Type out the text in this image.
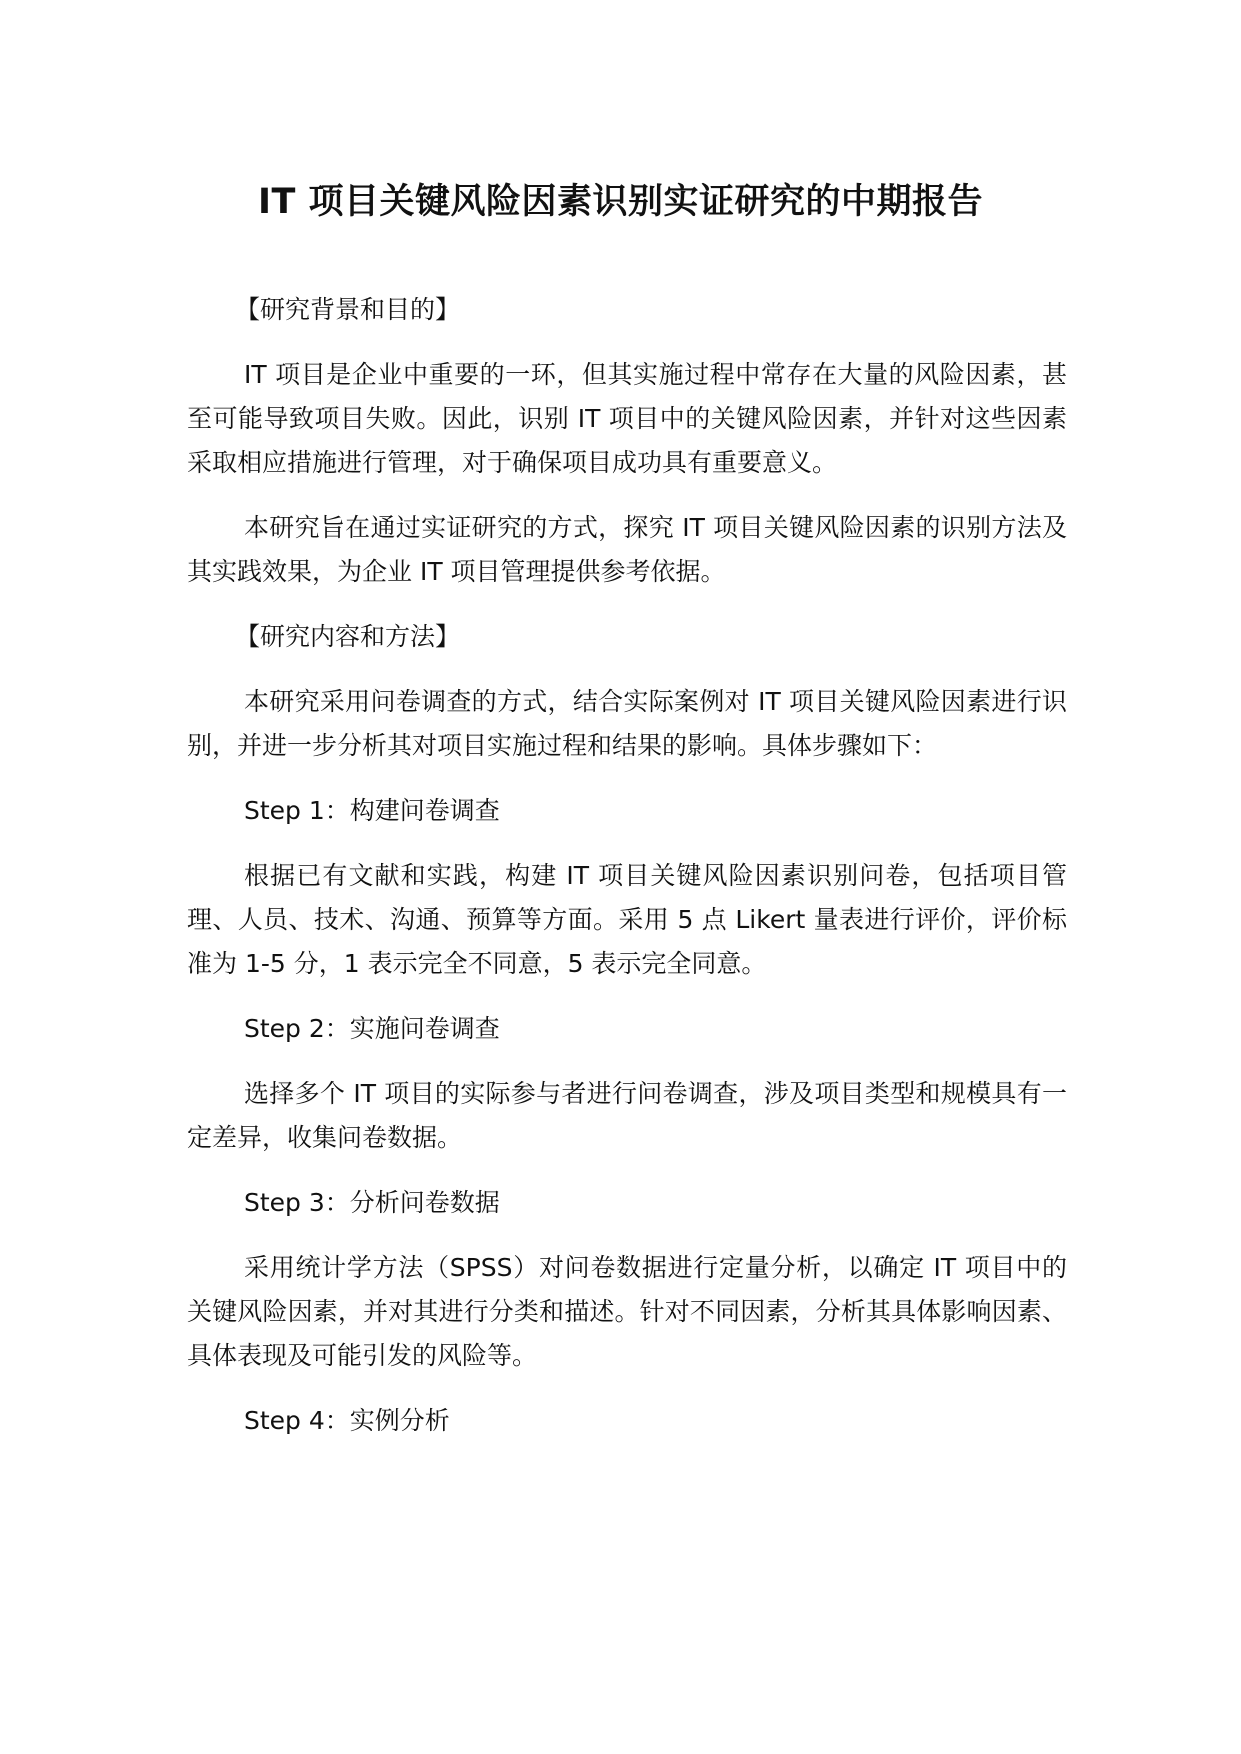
IT 项目关键风险因素识别实证研究的中期报告

【研究背景和目的】

IT 项目是企业中重要的一环，但其实施过程中常存在大量的风险因素，甚至可能导致项目失败。因此，识别 IT 项目中的关键风险因素，并针对这些因素采取相应措施进行管理，对于确保项目成功具有重要意义。

本研究旨在通过实证研究的方式，探究 IT 项目关键风险因素的识别方法及其实践效果，为企业 IT 项目管理提供参考依据。

【研究内容和方法】

本研究采用问卷调查的方式，结合实际案例对 IT 项目关键风险因素进行识别，并进一步分析其对项目实施过程和结果的影响。具体步骤如下：

Step 1：构建问卷调查

根据已有文献和实践，构建 IT 项目关键风险因素识别问卷，包括项目管理、人员、技术、沟通、预算等方面。采用 5 点 Likert 量表进行评价，评价标准为 1-5 分，1 表示完全不同意，5 表示完全同意。

Step 2：实施问卷调查

选择多个 IT 项目的实际参与者进行问卷调查，涉及项目类型和规模具有一定差异，收集问卷数据。

Step 3：分析问卷数据

采用统计学方法（SPSS）对问卷数据进行定量分析，以确定 IT 项目中的关键风险因素，并对其进行分类和描述。针对不同因素，分析其具体影响因素、具体表现及可能引发的风险等。

Step 4：实例分析
